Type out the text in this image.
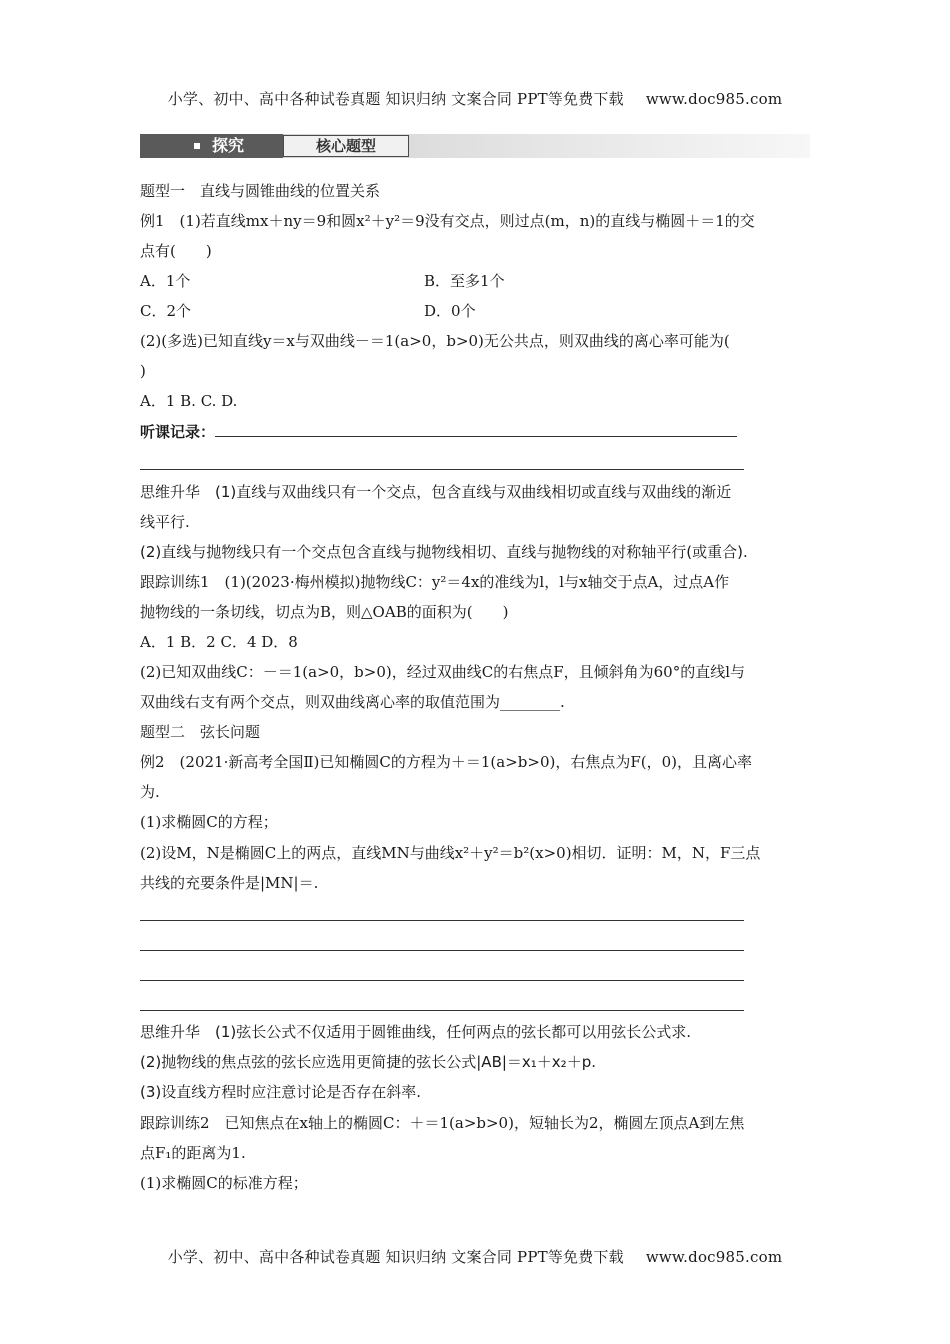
小学、初中、高中各种试卷真题 知识归纳 文案合同 PPT等免费下载 www.doc985.com
探究	核心题型
题型一　直线与圆锥曲线的位置关系
例1　(1)若直线mx＋ny＝9和圆x²＋y²＝9没有交点，则过点(m，n)的直线与椭圆＋＝1的交
点有(　　)
A．1个	B．至多1个
C．2个	D．0个
(2)(多选)已知直线y＝x与双曲线－＝1(a>0，b>0)无公共点，则双曲线的离心率可能为(
)
A．1 B. C. D.
听课记录：
思维升华　(1)直线与双曲线只有一个交点，包含直线与双曲线相切或直线与双曲线的渐近
线平行.
(2)直线与抛物线只有一个交点包含直线与抛物线相切、直线与抛物线的对称轴平行(或重合).
跟踪训练1　(1)(2023·梅州模拟)抛物线C：y²＝4x的准线为l，l与x轴交于点A，过点A作
抛物线的一条切线，切点为B，则△OAB的面积为(　　)
A．1 B．2 C．4 D．8
(2)已知双曲线C：－＝1(a>0，b>0)，经过双曲线C的右焦点F，且倾斜角为60°的直线l与
双曲线右支有两个交点，则双曲线离心率的取值范围为________.
题型二　弦长问题
例2　(2021·新高考全国Ⅱ)已知椭圆C的方程为＋＝1(a>b>0)，右焦点为F(，0)，且离心率
为.
(1)求椭圆C的方程；
(2)设M，N是椭圆C上的两点，直线MN与曲线x²＋y²＝b²(x>0)相切．证明：M，N，F三点
共线的充要条件是|MN|＝.
思维升华　(1)弦长公式不仅适用于圆锥曲线，任何两点的弦长都可以用弦长公式求.
(2)抛物线的焦点弦的弦长应选用更简捷的弦长公式|AB|＝x₁＋x₂＋p.
(3)设直线方程时应注意讨论是否存在斜率.
跟踪训练2　已知焦点在x轴上的椭圆C：＋＝1(a>b>0)，短轴长为2，椭圆左顶点A到左焦
点F₁的距离为1.
(1)求椭圆C的标准方程；
小学、初中、高中各种试卷真题 知识归纳 文案合同 PPT等免费下载 www.doc985.com
